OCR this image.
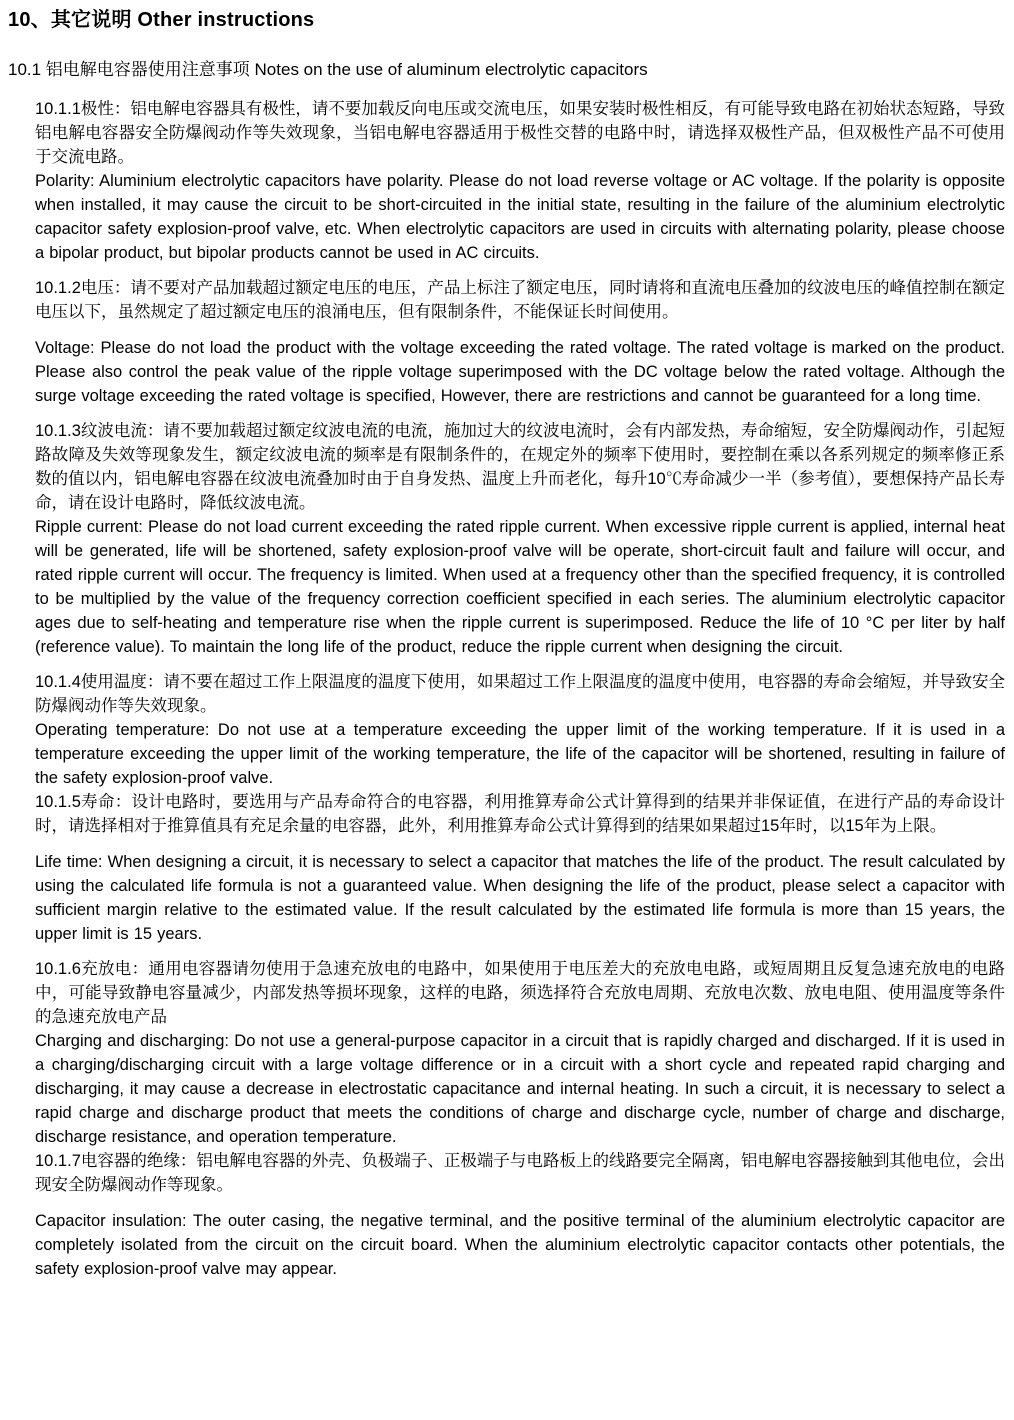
10、其它说明 Other instructions
10.1 铝电解电容器使用注意事项 Notes on the use of aluminum electrolytic capacitors

10.1.1极性：铝电解电容器具有极性，请不要加载反向电压或交流电压，如果安装时极性相反，有可能导致电路在初始状态短路，导致铝电解电容器安全防爆阀动作等失效现象，当铝电解电容器适用于极性交替的电路中时，请选择双极性产品，但双极性产品不可使用于交流电路。

Polarity: Aluminium electrolytic capacitors have polarity. Please do not load reverse voltage or AC voltage. If the polarity is opposite when installed, it may cause the circuit to be short-circuited in the initial state, resulting in the failure of the aluminium electrolytic capacitor safety explosion-proof valve, etc. When electrolytic capacitors are used in circuits with alternating polarity, please choose a bipolar product, but bipolar products cannot be used in AC circuits.

10.1.2电压：请不要对产品加载超过额定电压的电压，产品上标注了额定电压，同时请将和直流电压叠加的纹波电压的峰值控制在额定电压以下，虽然规定了超过额定电压的浪涌电压，但有限制条件，不能保证长时间使用。

Voltage: Please do not load the product with the voltage exceeding the rated voltage. The rated voltage is marked on the product. Please also control the peak value of the ripple voltage superimposed with the DC voltage below the rated voltage. Although the surge voltage exceeding the rated voltage is specified, However, there are restrictions and cannot be guaranteed for a long time.

10.1.3纹波电流：请不要加载超过额定纹波电流的电流，施加过大的纹波电流时，会有内部发热，寿命缩短，安全防爆阀动作，引起短路故障及失效等现象发生，额定纹波电流的频率是有限制条件的，在规定外的频率下使用时，要控制在乘以各系列规定的频率修正系数的值以内，铝电解电容器在纹波电流叠加时由于自身发热、温度上升而老化，每升10℃寿命减少一半（参考值），要想保持产品长寿命，请在设计电路时，降低纹波电流。

Ripple current: Please do not load current exceeding the rated ripple current. When excessive ripple current is applied, internal heat will be generated, life will be shortened, safety explosion-proof valve will be operate, short-circuit fault and failure will occur, and rated ripple current will occur. The frequency is limited. When used at a frequency other than the specified frequency, it is controlled to be multiplied by the value of the frequency correction coefficient specified in each series. The aluminium electrolytic capacitor ages due to self-heating and temperature rise when the ripple current is superimposed. Reduce the life of 10 °C per liter by half (reference value). To maintain the long life of the product, reduce the ripple current when designing the circuit.

10.1.4使用温度：请不要在超过工作上限温度的温度下使用，如果超过工作上限温度的温度中使用，电容器的寿命会缩短，并导致安全防爆阀动作等失效现象。

Operating temperature: Do not use at a temperature exceeding the upper limit of the working temperature. If it is used in a temperature exceeding the upper limit of the working temperature, the life of the capacitor will be shortened, resulting in failure of the safety explosion-proof valve.

10.1.5寿命：设计电路时，要选用与产品寿命符合的电容器，利用推算寿命公式计算得到的结果并非保证值，在进行产品的寿命设计时，请选择相对于推算值具有充足余量的电容器，此外，利用推算寿命公式计算得到的结果如果超过15年时，以15年为上限。

Life time: When designing a circuit, it is necessary to select a capacitor that matches the life of the product. The result calculated by using the calculated life formula is not a guaranteed value. When designing the life of the product, please select a capacitor with sufficient margin relative to the estimated value. If the result calculated by the estimated life formula is more than 15 years, the upper limit is 15 years.

10.1.6充放电：通用电容器请勿使用于急速充放电的电路中，如果使用于电压差大的充放电电路，或短周期且反复急速充放电的电路中，可能导致静电容量减少，内部发热等损坏现象，这样的电路，须选择符合充放电周期、充放电次数、放电电阻、使用温度等条件的急速充放电产品

Charging and discharging: Do not use a general-purpose capacitor in a circuit that is rapidly charged and discharged. If it is used in a charging/discharging circuit with a large voltage difference or in a circuit with a short cycle and repeated rapid charging and discharging, it may cause a decrease in electrostatic capacitance and internal heating. In such a circuit, it is necessary to select a rapid charge and discharge product that meets the conditions of charge and discharge cycle, number of charge and discharge, discharge resistance, and operation temperature.

10.1.7电容器的绝缘：铝电解电容器的外壳、负极端子、正极端子与电路板上的线路要完全隔离，铝电解电容器接触到其他电位，会出现安全防爆阀动作等现象。

Capacitor insulation: The outer casing, the negative terminal, and the positive terminal of the aluminium electrolytic capacitor are completely isolated from the circuit on the circuit board. When the aluminium electrolytic capacitor contacts other potentials, the safety explosion-proof valve may appear.
